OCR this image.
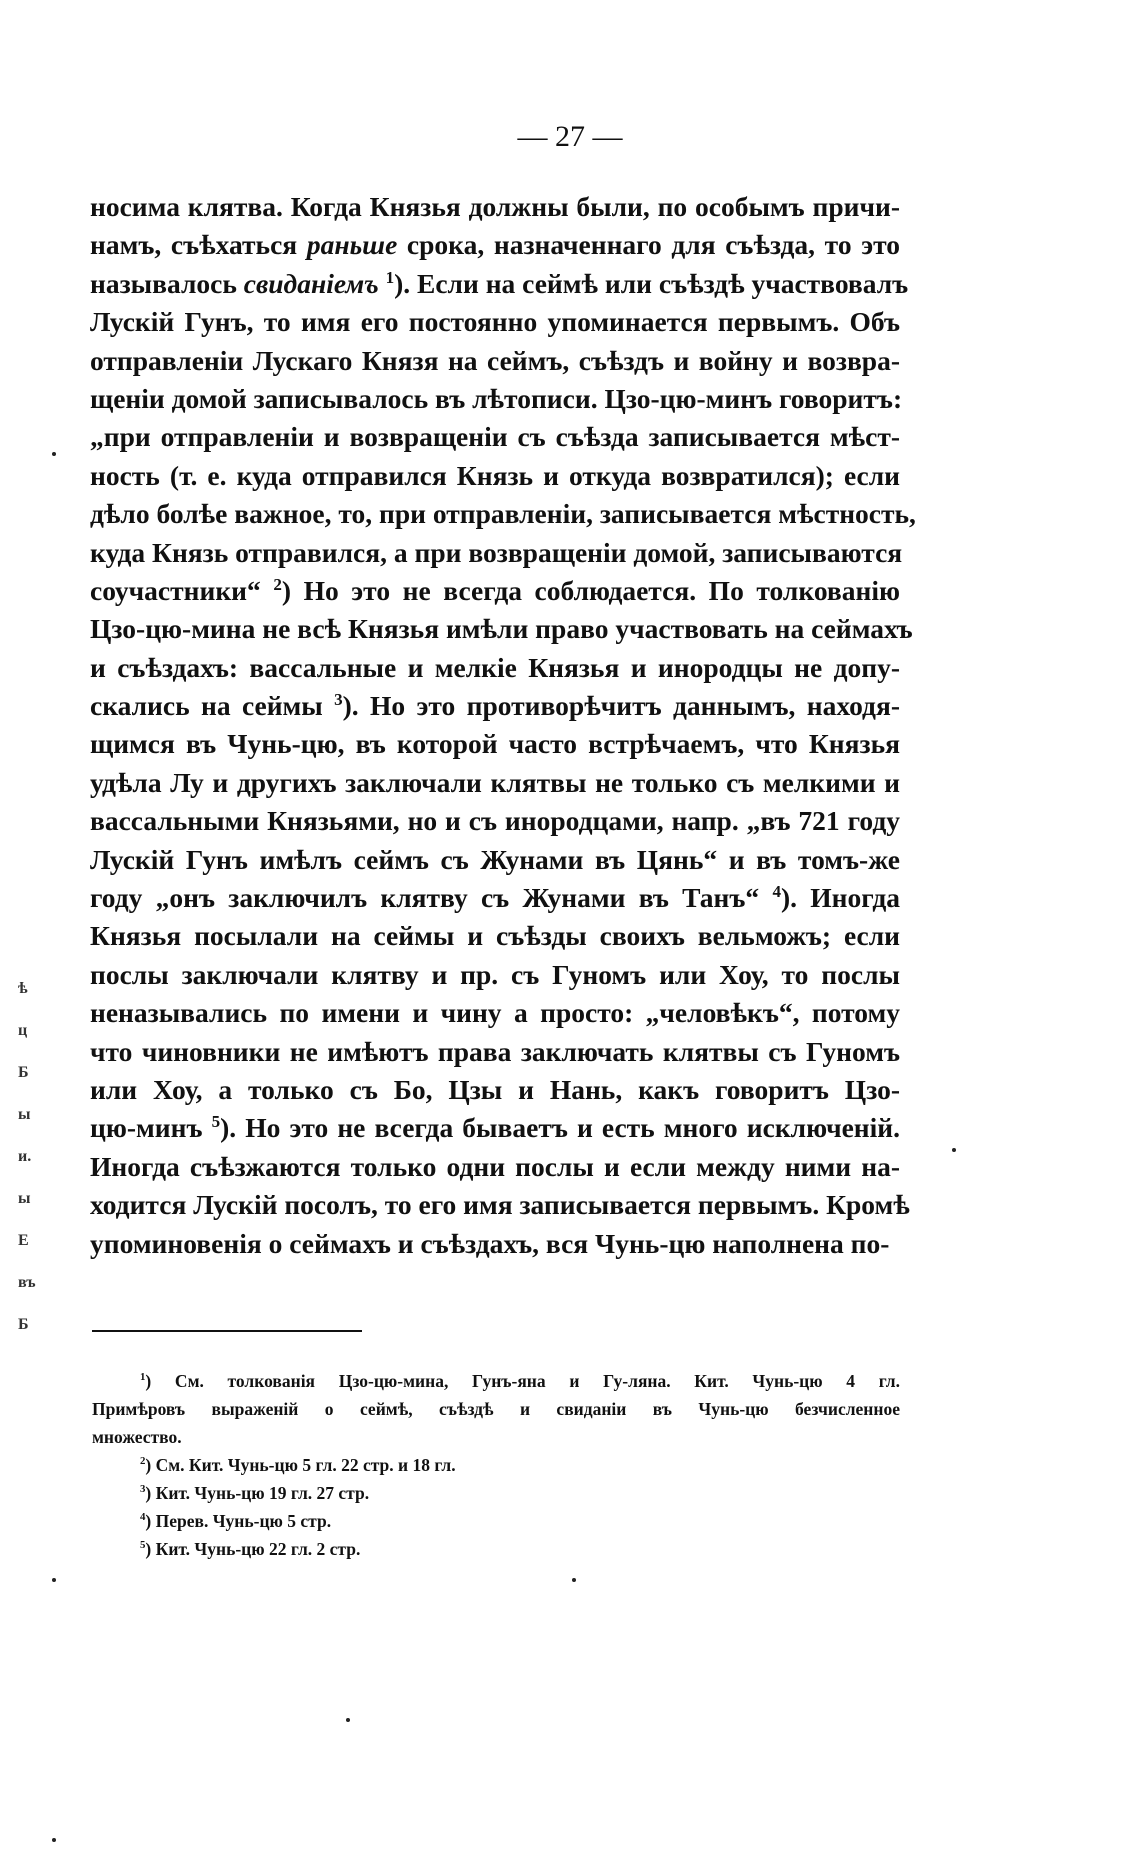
— 27 —
носима клятва. Когда Князья должны были, по особымъ причи-
намъ, съѣхаться раньше срока, назначеннаго для съѣзда, то это
называлось свиданіемъ $^1$). Если на сеймѣ или съѣздѣ участвовалъ
Лускій Гунъ, то имя его постоянно упоминается первымъ. Объ
отправленіи Лускаго Князя на сеймъ, съѣздъ и войну и возвра-
щеніи домой записывалось въ лѣтописи. Цзо-цю-минъ говоритъ:
„при отправленіи и возвращеніи съ съѣзда записывается мѣст-
ность (т. е. куда отправился Князь и откуда возвратился); если
дѣло болѣе важное, то, при отправленіи, записывается мѣстность,
куда Князь отправился, а при возвращеніи домой, записываются
соучастники“ $^2$) Но это не всегда соблюдается. По толкованію
Цзо-цю-мина не всѣ Князья имѣли право участвовать на сеймахъ
и съѣздахъ: вассальные и мелкіе Князья и инородцы не допу-
скались на сеймы $^3$). Но это противорѣчитъ даннымъ, находя-
щимся въ Чунь-цю, въ которой часто встрѣчаемъ, что Князья
удѣла Лу и другихъ заключали клятвы не только съ мелкими и
вассальными Князьями, но и съ инородцами, напр. „въ 721 году
Лускій Гунъ имѣлъ сеймъ съ Жунами въ Цянь“ и въ томъ-же
году „онъ заключилъ клятву съ Жунами въ Танъ“ $^4$). Иногда
Князья посылали на сеймы и съѣзды своихъ вельможъ; если
послы заключали клятву и пр. съ Гуномъ или Хоу, то послы
неназывались по имени и чину а просто: „человѣкъ“, потому
что чиновники не имѣютъ права заключать клятвы съ Гуномъ
или Хоу, а только съ Бо, Цзы и Нань, какъ говоритъ Цзо-
цю-минъ $^5$). Но это не всегда бываетъ и есть много исключеній.
Иногда съѣзжаются только одни послы и если между ними на-
ходится Лускій посолъ, то его имя записывается первымъ. Кромѣ
упоминовенія о сеймахъ и съѣздахъ, вся Чунь-цю наполнена по-
$^1$) См. толкованія Цзо-цю-мина, Гунъ-яна и Гу-ляна. Кит. Чунь-цю 4 гл.
Примѣровъ выраженій о сеймѣ, съѣздѣ и свиданіи въ Чунь-цю безчисленное
множество.
$^2$) См. Кит. Чунь-цю 5 гл. 22 стр. и 18 гл.
$^3$) Кит. Чунь-цю 19 гл. 27 стр.
$^4$) Перев. Чунь-цю 5 стр.
$^5$) Кит. Чунь-цю 22 гл. 2 стр.
ѣ
ц
Б
ы
и.
ы
Е
въ
Б
